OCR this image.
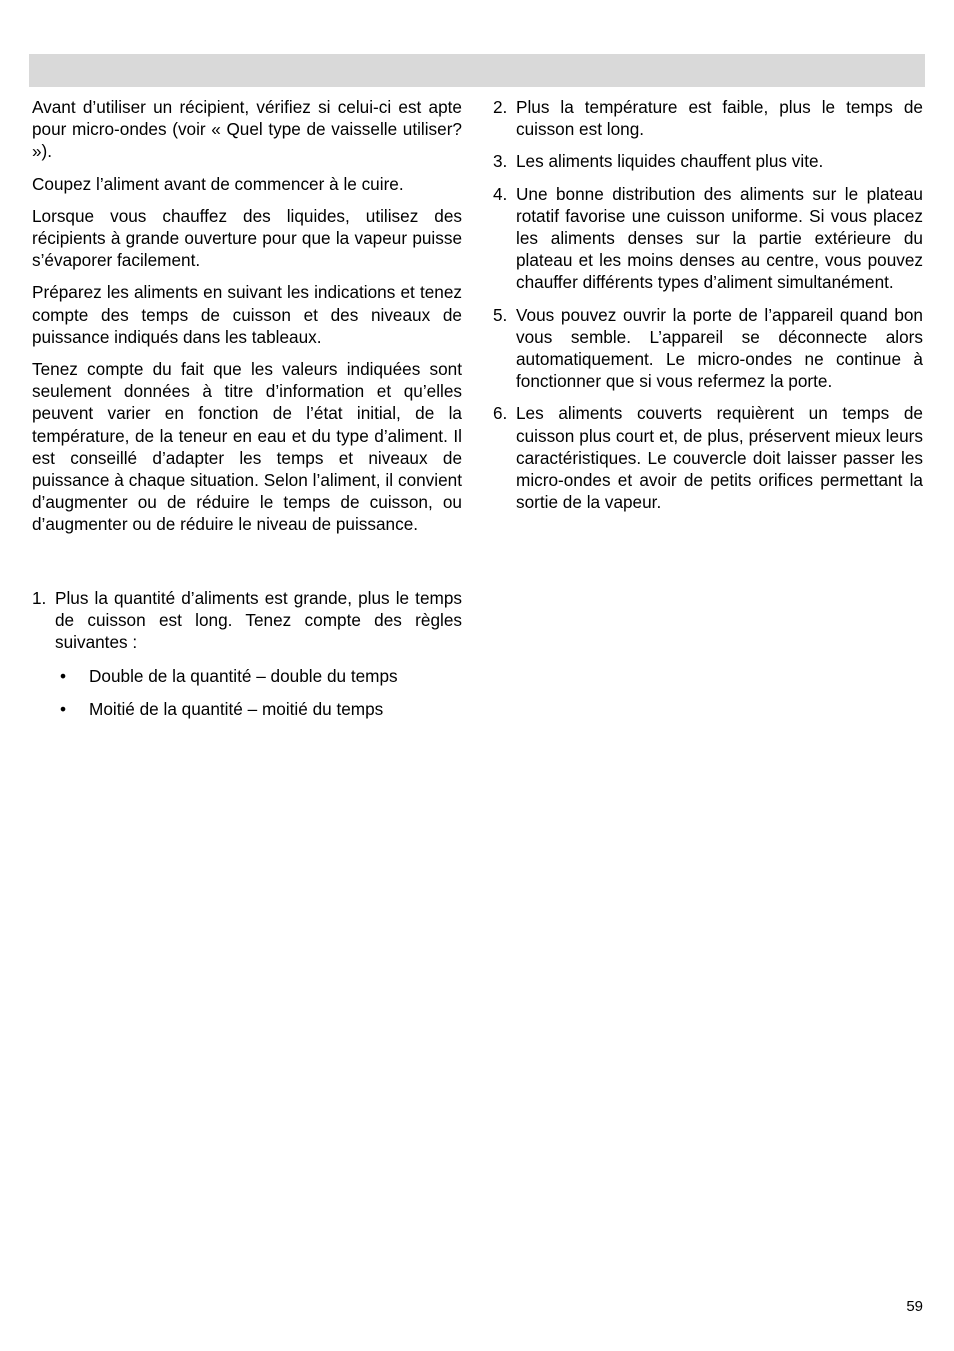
Avant d’utiliser un récipient, vérifiez si celui-ci est apte pour micro-ondes (voir « Quel type de vaisselle utiliser? »).

Coupez l’aliment avant de commencer à le cuire.

Lorsque vous chauffez des liquides, utilisez des récipients à grande ouverture pour que la vapeur puisse s’évaporer facilement.

Préparez les aliments en suivant les indications et tenez compte des temps de cuisson et des niveaux de puissance indiqués dans les tableaux.

Tenez compte du fait que les valeurs indiquées sont seulement données à titre d’information et qu’elles peuvent varier en fonction de l’état initial, de la température, de la teneur en eau et du type d’aliment. Il est conseillé d’adapter les temps et niveaux de puissance à chaque situation. Selon l’aliment, il convient d’augmenter ou de réduire le temps de cuisson, ou d’augmenter ou de réduire le niveau de puissance.

1. Plus la quantité d’aliments est grande, plus le temps de cuisson est long. Tenez compte des règles suivantes :
• Double de la quantité – double du temps
• Moitié de la quantité – moitié du temps
2. Plus la température est faible, plus le temps de cuisson est long.
3. Les aliments liquides chauffent plus vite.
4. Une bonne distribution des aliments sur le plateau rotatif favorise une cuisson uniforme. Si vous placez les aliments denses sur la partie extérieure du plateau et les moins denses au centre, vous pouvez chauffer différents types d’aliment simultanément.
5. Vous pouvez ouvrir la porte de l’appareil quand bon vous semble. L’appareil se déconnecte alors automatiquement. Le micro-ondes ne continue à fonctionner que si vous refermez la porte.
6. Les aliments couverts requièrent un temps de cuisson plus court et, de plus, préservent mieux leurs caractéristiques. Le couvercle doit laisser passer les micro-ondes et avoir de petits orifices permettant la sortie de la vapeur.
59
